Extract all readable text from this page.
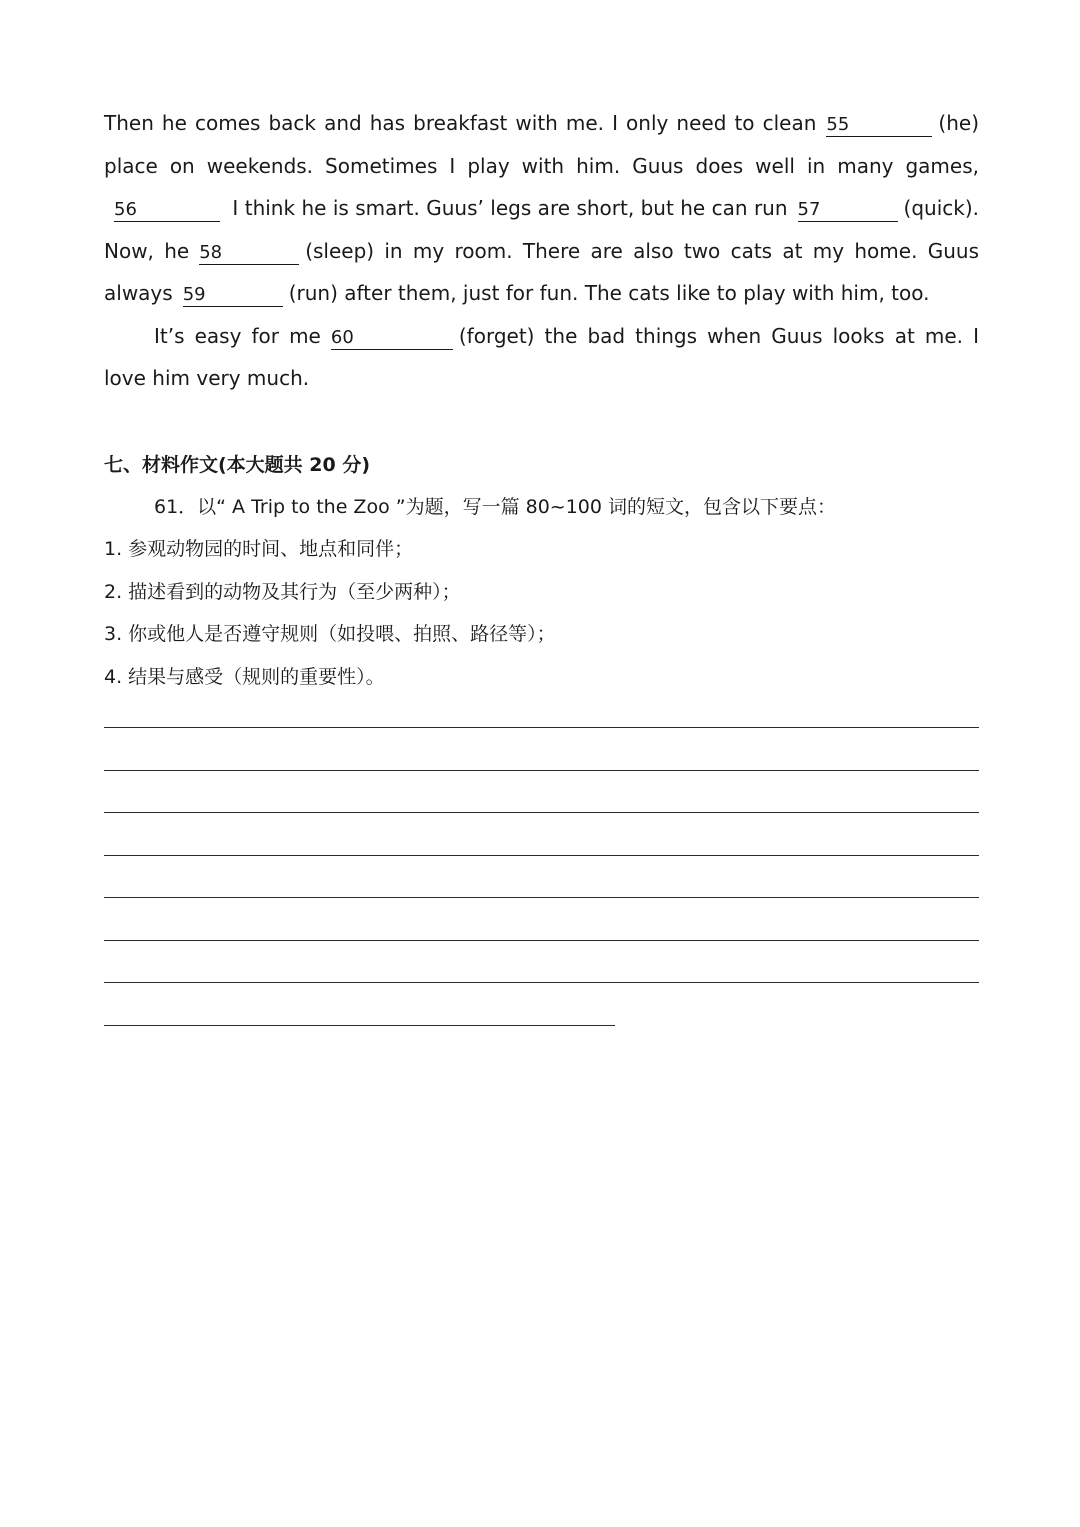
Then he comes back and has breakfast with me. I only need to clean 55	(he) place on weekends. Sometimes I play with him. Guus does well in many games,56	I think he is smart. Guus’ legs are short, but he can run 57	(quick). Now, he 58	(sleep) in my room. There are also two cats at my home. Guus always 59	(run) after them, just for fun. The cats like to play with him, too.

It’s easy for me 60	(forget) the bad things when Guus looks at me. I love him very much.

七、材料作文(本大题共 20 分)

61．以“ A Trip to the Zoo ”为题，写一篇 80~100 词的短文，包含以下要点：

1. 参观动物园的时间、地点和同伴；

2. 描述看到的动物及其行为（至少两种）；

3. 你或他人是否遵守规则（如投喂、拍照、路径等）；

4. 结果与感受（规则的重要性）。
